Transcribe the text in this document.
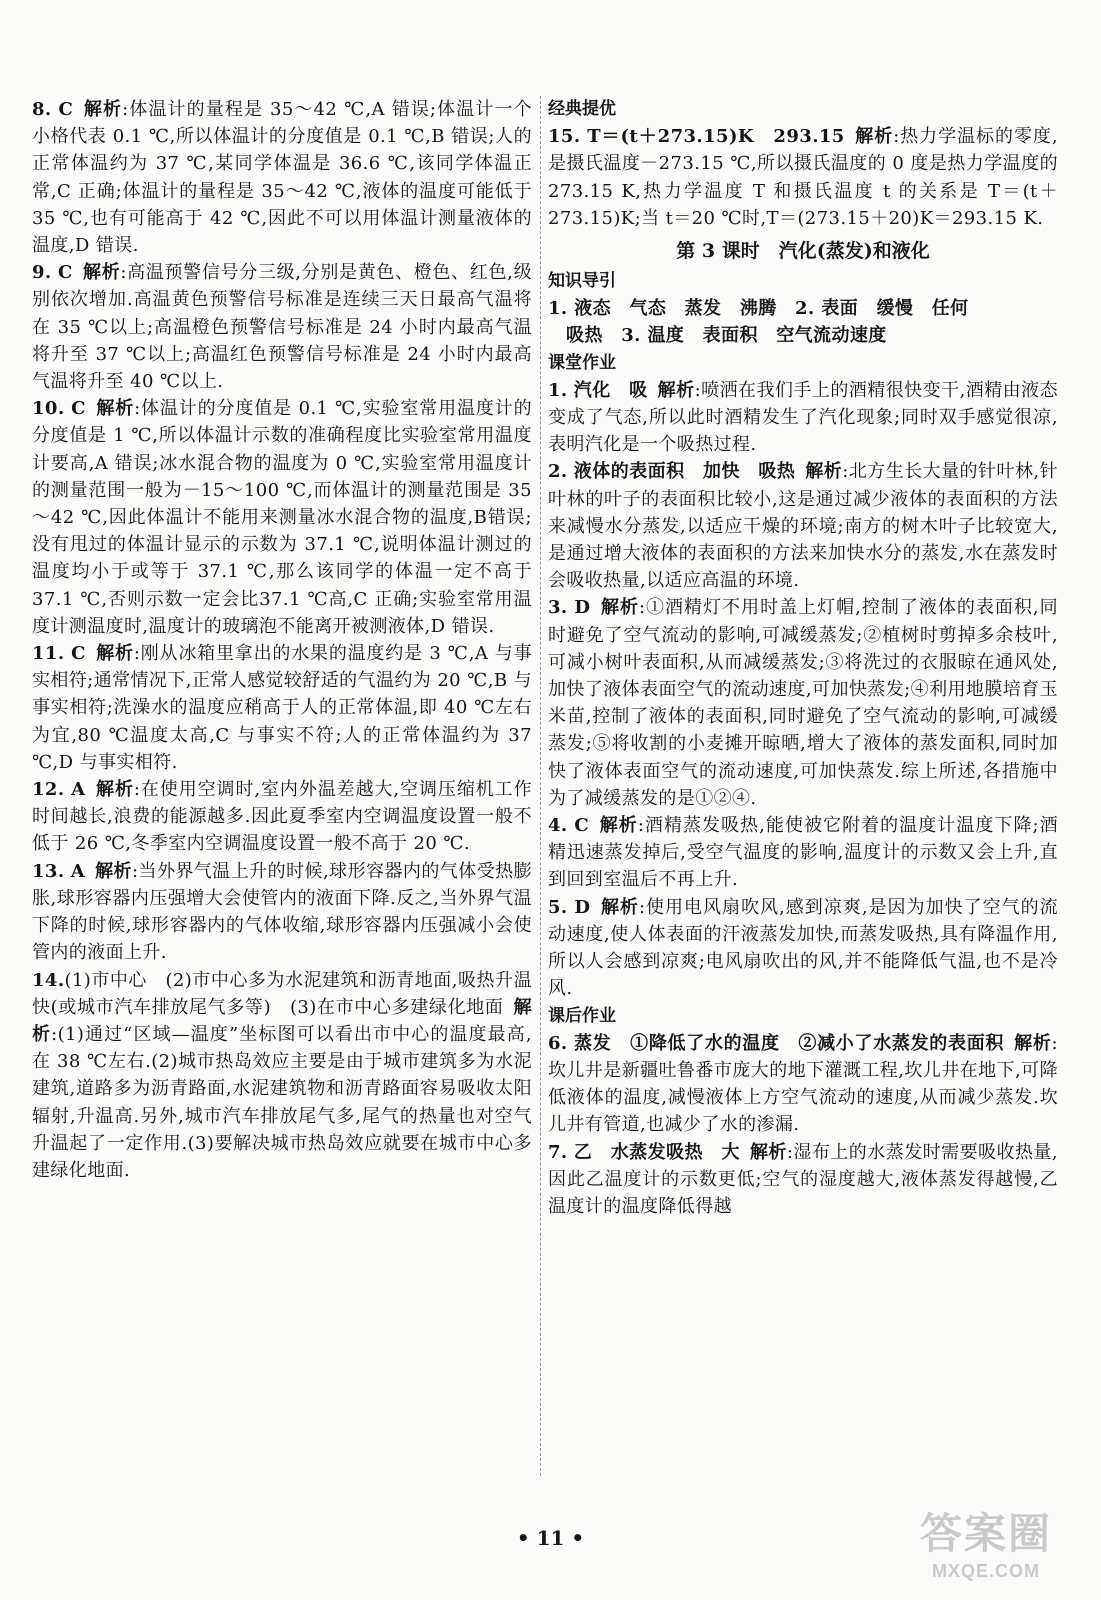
8. C 解析:体温计的量程是 35～42 ℃,A 错误;体温计一个小格代表 0.1 ℃,所以体温计的分度值是 0.1 ℃,B 错误;人的正常体温约为 37 ℃,某同学体温是 36.6 ℃,该同学体温正常,C 正确;体温计的量程是 35～42 ℃,液体的温度可能低于 35 ℃,也有可能高于 42 ℃,因此不可以用体温计测量液体的温度,D 错误.

9. C 解析:高温预警信号分三级,分别是黄色、橙色、红色,级别依次增加.高温黄色预警信号标准是连续三天日最高气温将在 35 ℃以上;高温橙色预警信号标准是 24 小时内最高气温将升至 37 ℃以上;高温红色预警信号标准是 24 小时内最高气温将升至 40 ℃以上.

10. C 解析:体温计的分度值是 0.1 ℃,实验室常用温度计的分度值是 1 ℃,所以体温计示数的准确程度比实验室常用温度计要高,A 错误;冰水混合物的温度为 0 ℃,实验室常用温度计的测量范围一般为－15～100 ℃,而体温计的测量范围是 35～42 ℃,因此体温计不能用来测量冰水混合物的温度,B错误;没有甩过的体温计显示的示数为 37.1 ℃,说明体温计测过的温度均小于或等于 37.1 ℃,那么该同学的体温一定不高于37.1 ℃,否则示数一定会比37.1 ℃高,C 正确;实验室常用温度计测温度时,温度计的玻璃泡不能离开被测液体,D 错误.

11. C 解析:刚从冰箱里拿出的水果的温度约是 3 ℃,A 与事实相符;通常情况下,正常人感觉较舒适的气温约为 20 ℃,B 与事实相符;洗澡水的温度应稍高于人的正常体温,即 40 ℃左右为宜,80 ℃温度太高,C 与事实不符;人的正常体温约为 37 ℃,D 与事实相符.

12. A 解析:在使用空调时,室内外温差越大,空调压缩机工作时间越长,浪费的能源越多.因此夏季室内空调温度设置一般不低于 26 ℃,冬季室内空调温度设置一般不高于 20 ℃.

13. A 解析:当外界气温上升的时候,球形容器内的气体受热膨胀,球形容器内压强增大会使管内的液面下降.反之,当外界气温下降的时候,球形容器内的气体收缩,球形容器内压强减小会使管内的液面上升.

14.(1)市中心　(2)市中心多为水泥建筑和沥青地面,吸热升温快(或城市汽车排放尾气多等)　(3)在市中心多建绿化地面 解析:(1)通过“区域—温度”坐标图可以看出市中心的温度最高,在 38 ℃左右.(2)城市热岛效应主要是由于城市建筑多为水泥建筑,道路多为沥青路面,水泥建筑物和沥青路面容易吸收太阳辐射,升温高.另外,城市汽车排放尾气多,尾气的热量也对空气升温起了一定作用.(3)要解决城市热岛效应就要在城市中心多建绿化地面.

经典提优

15. T＝(t＋273.15)K　293.15 解析:热力学温标的零度,是摄氏温度－273.15 ℃,所以摄氏温度的 0 度是热力学温度的 273.15 K,热力学温度 T 和摄氏温度 t 的关系是 T＝(t＋273.15)K;当 t＝20 ℃时,T＝(273.15＋20)K＝293.15 K.

第 3 课时　汽化(蒸发)和液化

知识导引

1. 液态　气态　蒸发　沸腾　2. 表面　缓慢　任何

吸热　3. 温度　表面积　空气流动速度

课堂作业

1. 汽化　吸 解析:喷洒在我们手上的酒精很快变干,酒精由液态变成了气态,所以此时酒精发生了汽化现象;同时双手感觉很凉,表明汽化是一个吸热过程.

2. 液体的表面积　加快　吸热 解析:北方生长大量的针叶林,针叶林的叶子的表面积比较小,这是通过减少液体的表面积的方法来减慢水分蒸发,以适应干燥的环境;南方的树木叶子比较宽大,是通过增大液体的表面积的方法来加快水分的蒸发,水在蒸发时会吸收热量,以适应高温的环境.

3. D 解析:①酒精灯不用时盖上灯帽,控制了液体的表面积,同时避免了空气流动的影响,可减缓蒸发;②植树时剪掉多余枝叶,可减小树叶表面积,从而减缓蒸发;③将洗过的衣服晾在通风处,加快了液体表面空气的流动速度,可加快蒸发;④利用地膜培育玉米苗,控制了液体的表面积,同时避免了空气流动的影响,可减缓蒸发;⑤将收割的小麦摊开晾晒,增大了液体的蒸发面积,同时加快了液体表面空气的流动速度,可加快蒸发.综上所述,各措施中为了减缓蒸发的是①②④.

4. C 解析:酒精蒸发吸热,能使被它附着的温度计温度下降;酒精迅速蒸发掉后,受空气温度的影响,温度计的示数又会上升,直到回到室温后不再上升.

5. D 解析:使用电风扇吹风,感到凉爽,是因为加快了空气的流动速度,使人体表面的汗液蒸发加快,而蒸发吸热,具有降温作用,所以人会感到凉爽;电风扇吹出的风,并不能降低气温,也不是冷风.

课后作业

6. 蒸发　①降低了水的温度　②减小了水蒸发的表面积 解析:坎儿井是新疆吐鲁番市庞大的地下灌溉工程,坎儿井在地下,可降低液体的温度,减慢液体上方空气流动的速度,从而减少蒸发.坎儿井有管道,也减少了水的渗漏.

7. 乙　水蒸发吸热　大 解析:湿布上的水蒸发时需要吸收热量,因此乙温度计的示数更低;空气的湿度越大,液体蒸发得越慢,乙温度计的温度降低得越

• 11 •	答案圈
MXQE.COM
